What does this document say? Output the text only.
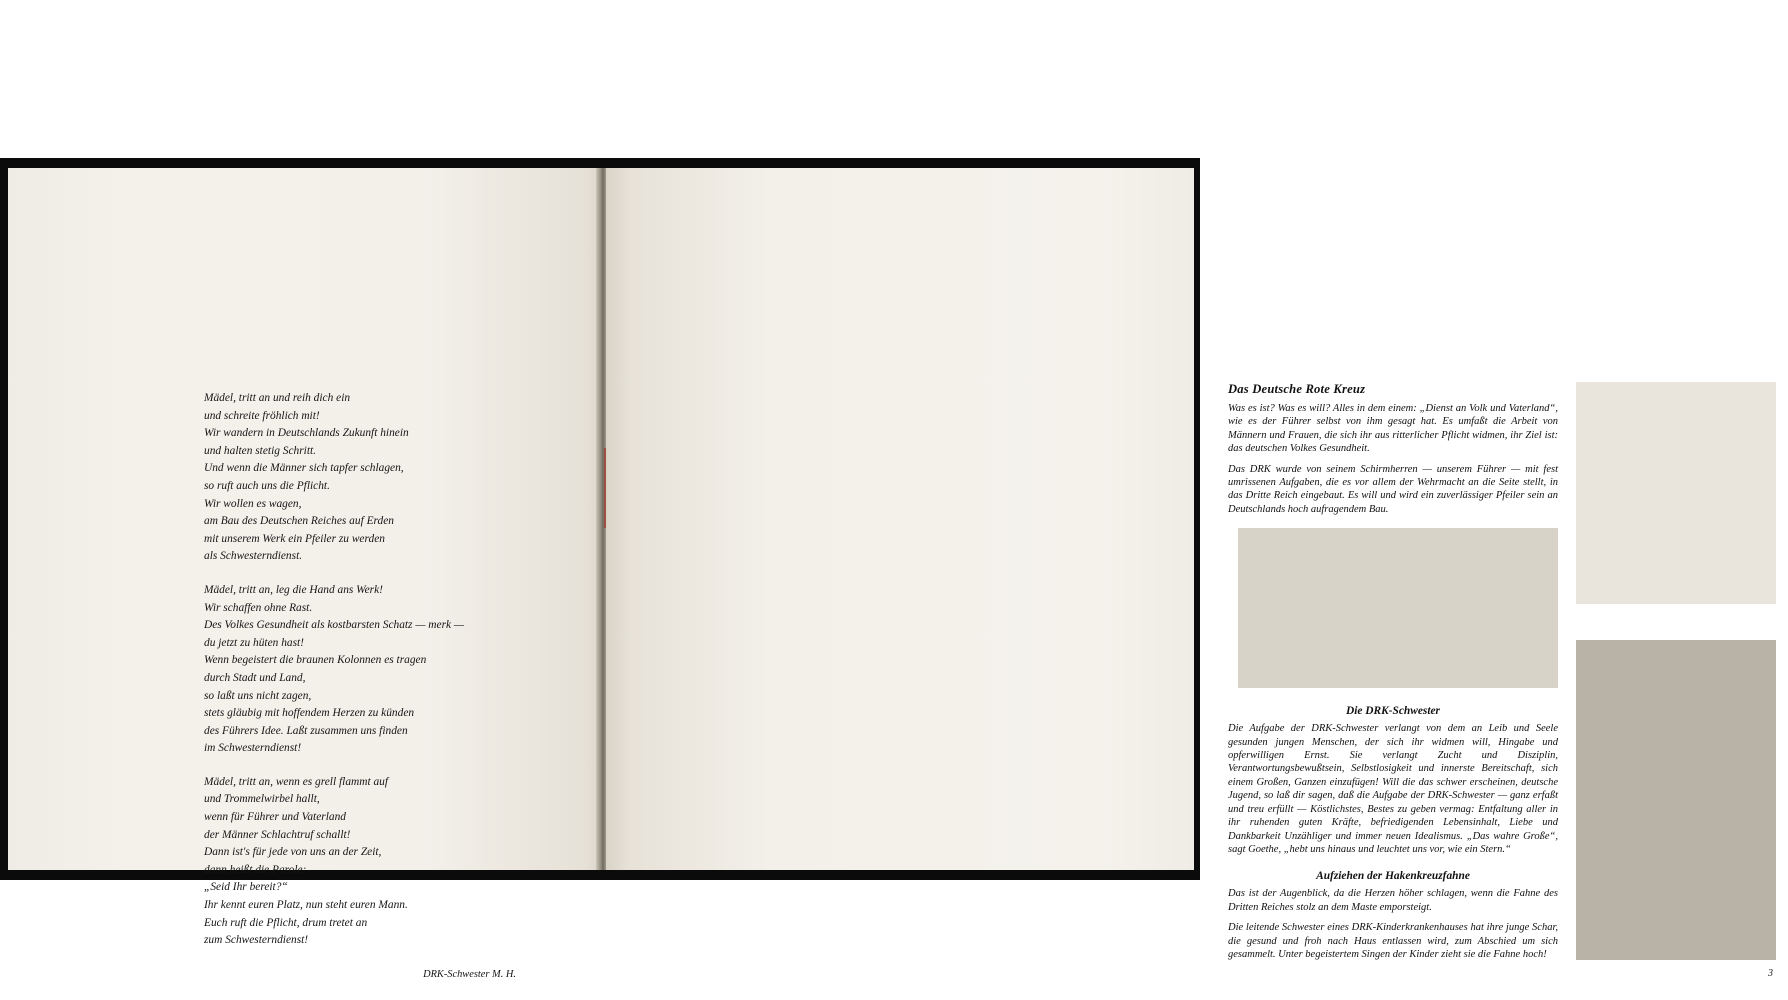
Mädel, tritt an und reih dich ein
und schreite fröhlich mit!
Wir wandern in Deutschlands Zukunft hinein
und halten stetig Schritt.
Und wenn die Männer sich tapfer schlagen,
so ruft auch uns die Pflicht.
Wir wollen es wagen,
am Bau des Deutschen Reiches auf Erden
mit unserem Werk ein Pfeiler zu werden
als Schwesterndienst.
Mädel, tritt an, leg die Hand ans Werk!
Wir schaffen ohne Rast.
Des Volkes Gesundheit als kostbarsten Schatz — merk —
du jetzt zu hüten hast!
Wenn begeistert die braunen Kolonnen es tragen
durch Stadt und Land,
so laßt uns nicht zagen,
stets gläubig mit hoffendem Herzen zu künden
des Führers Idee. Laßt zusammen uns finden
im Schwesterndienst!
Mädel, tritt an, wenn es grell flammt auf
und Trommelwirbel hallt,
wenn für Führer und Vaterland
der Männer Schlachtruf schallt!
Dann ist's für jede von uns an der Zeit,
dann heißt die Parole:
„Seid Ihr bereit?“
Ihr kennt euren Platz, nun steht euren Mann.
Euch ruft die Pflicht, drum tretet an
zum Schwesterndienst!
DRK-Schwester M. H.
Das Deutsche Rote Kreuz

Was es ist? Was es will? Alles in dem einem: „Dienst an Volk und Vaterland“, wie es der Führer selbst von ihm gesagt hat. Es umfaßt die Arbeit von Männern und Frauen, die sich ihr aus ritterlicher Pflicht widmen, ihr Ziel ist: das deutschen Volkes Gesundheit.

Das DRK wurde von seinem Schirmherren — unserem Führer — mit fest umrissenen Aufgaben, die es vor allem der Wehrmacht an die Seite stellt, in das Dritte Reich eingebaut. Es will und wird ein zuverlässiger Pfeiler sein an Deutschlands hoch aufragendem Bau.

Die DRK-Schwester

Die Aufgabe der DRK-Schwester verlangt von dem an Leib und Seele gesunden jungen Menschen, der sich ihr widmen will, Hingabe und opferwilligen Ernst. Sie verlangt Zucht und Disziplin, Verantwortungsbewußtsein, Selbstlosigkeit und innerste Bereitschaft, sich einem Großen, Ganzen einzufügen! Will die das schwer erscheinen, deutsche Jugend, so laß dir sagen, daß die Aufgabe der DRK-Schwester — ganz erfaßt und treu erfüllt — Köstlichstes, Bestes zu geben vermag: Entfaltung aller in ihr ruhenden guten Kräfte, befriedigenden Lebensinhalt, Liebe und Dankbarkeit Unzähliger und immer neuen Idealismus. „Das wahre Große“, sagt Goethe, „hebt uns hinaus und leuchtet uns vor, wie ein Stern.“

Aufziehen der Hakenkreuzfahne

Das ist der Augenblick, da die Herzen höher schlagen, wenn die Fahne des Dritten Reiches stolz an dem Maste emporsteigt.

Die leitende Schwester eines DRK-Kinderkrankenhauses hat ihre junge Schar, die gesund und froh nach Haus entlassen wird, zum Abschied um sich gesammelt. Unter begeistertem Singen der Kinder zieht sie die Fahne hoch!

3
